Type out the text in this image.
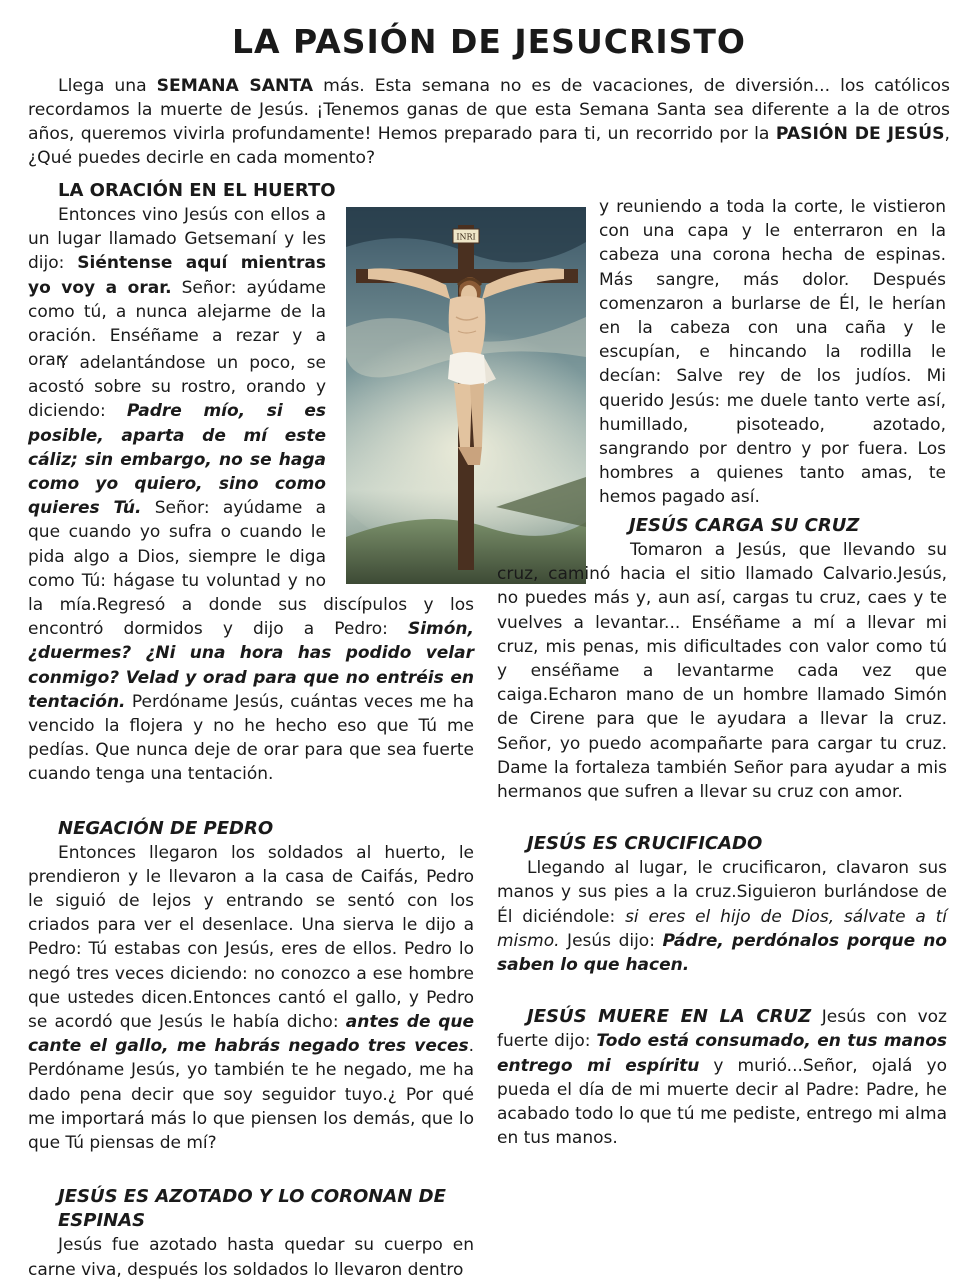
LA PASIÓN DE JESUCRISTO

Llega una SEMANA SANTA más. Esta semana no es de vacaciones, de diversión... los católicos recordamos la muerte de Jesús. ¡Tenemos ganas de que esta Semana Santa sea diferente a la de otros años, queremos vivirla profundamente! Hemos preparado para ti, un recorrido por la PASIÓN DE JESÚS, ¿Qué puedes decirle en cada momento?

INRI
LA ORACIÓN EN EL HUERTO

Entonces vino Jesús con ellos a un lugar llamado Getsemaní y les dijo: Siéntense aquí mientras yo voy a orar. Señor: ayúdame como tú, a nunca alejarme de la oración. Enséñame a rezar y a orar.

Y adelantándose un poco, se acostó sobre su rostro, orando y diciendo: Padre mío, si es posible, aparta de mí este cáliz; sin embargo, no se haga como yo quiero, sino como quieres Tú. Señor: ayúdame a que cuando yo sufra o cuando le pida algo a Dios, siempre le diga como Tú: hágase tu voluntad y no la mía.Regresó a donde sus discípulos y los encontró dormidos y dijo a Pedro: Simón, ¿duermes? ¿Ni una hora has podido velar conmigo? Velad y orad para que no entréis en tentación. Perdóname Jesús, cuántas veces me ha vencido la flojera y no he hecho eso que Tú me pedías. Que nunca deje de orar para que sea fuerte cuando tenga una tentación.

NEGACIÓN DE PEDRO

Entonces llegaron los soldados al huerto, le prendieron y le llevaron a la casa de Caifás, Pedro le siguió de lejos y entrando se sentó con los criados para ver el desenlace. Una sierva le dijo a Pedro: Tú estabas con Jesús, eres de ellos. Pedro lo negó tres veces diciendo: no conozco a ese hombre que ustedes dicen.Entonces cantó el gallo, y Pedro se acordó que Jesús le había dicho: antes de que cante el gallo, me habrás negado tres veces. Perdóname Jesús, yo también te he negado, me ha dado pena decir que soy seguidor tuyo.¿ Por qué me importará más lo que piensen los demás, que lo que Tú piensas de mí?

JESÚS ES AZOTADO Y LO CORONAN DE ESPINAS

Jesús fue azotado hasta quedar su cuerpo en carne viva, después los soldados lo llevaron dentro

y reuniendo a toda la corte, le vistieron con una capa y le enterraron en la cabeza una corona hecha de espinas. Más sangre, más dolor. Después comenzaron a burlarse de Él, le herían en la cabeza con una caña y le escupían, e hincando la rodilla le decían: Salve rey de los judíos. Mi querido Jesús: me duele tanto verte así, humillado, pisoteado, azotado, sangrando por dentro y por fuera. Los hombres a quienes tanto amas, te hemos pagado así.

JESÚS CARGA SU CRUZ

Tomaron a Jesús, que llevando su cruz, caminó hacia el sitio llamado Calvario.Jesús, no puedes más y, aun así, cargas tu cruz, caes y te vuelves a levantar... Enséñame a mí a llevar mi cruz, mis penas, mis dificultades con valor como tú y enséñame a levantarme cada vez que caiga.Echaron mano de un hombre llamado Simón de Cirene para que le ayudara a llevar la cruz. Señor, yo puedo acompañarte para cargar tu cruz. Dame la fortaleza también Señor para ayudar a mis hermanos que sufren a llevar su cruz con amor.

JESÚS ES CRUCIFICADO

Llegando al lugar, le crucificaron, clavaron sus manos y sus pies a la cruz.Siguieron burlándose de Él diciéndole: si eres el hijo de Dios, sálvate a tí mismo. Jesús dijo: Pádre, perdónalos porque no saben lo que hacen.

JESÚS MUERE EN LA CRUZ Jesús con voz fuerte dijo: Todo está consumado, en tus manos entrego mi espíritu y murió...Señor, ojalá yo pueda el día de mi muerte decir al Padre: Padre, he acabado todo lo que tú me pediste, entrego mi alma en tus manos.
